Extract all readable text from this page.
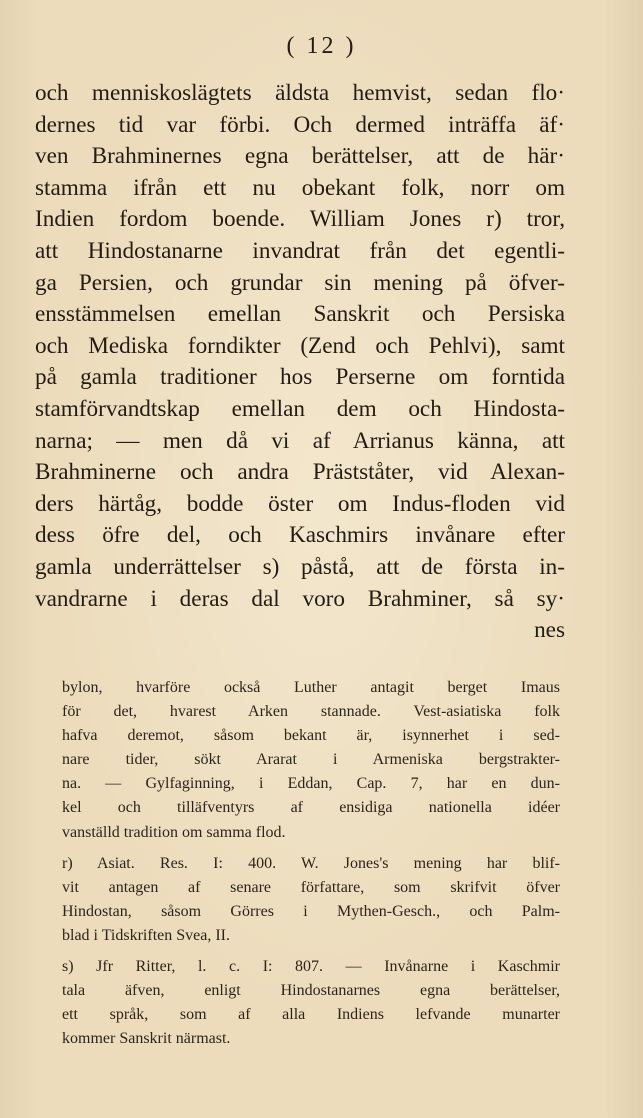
( 12 )
och menniskoslägtets äldsta hemvist, sedan flo·
dernes tid var förbi. Och dermed inträffa äf·
ven Brahminernes egna berättelser, att de här·
stamma ifrån ett nu obekant folk, norr om
Indien fordom boende. William Jones r) tror,
att Hindostanarne invandrat från det egentli-
ga Persien, och grundar sin mening på öfver-
ensstämmelsen emellan Sanskrit och Persiska
och Mediska forndikter (Zend och Pehlvi), samt
på gamla traditioner hos Perserne om forntida
stamförvandtskap emellan dem och Hindosta-
narna; — men då vi af Arrianus känna, att
Brahminerne och andra Prästståter, vid Alexan-
ders härtåg, bodde öster om Indus-floden vid
dess öfre del, och Kaschmirs invånare efter
gamla underrättelser s) påstå, att de första in-
vandrarne i deras dal voro Brahminer, så sy·
nes
bylon, hvarföre också Luther antagit berget Imaus
för det, hvarest Arken stannade. Vest-asiatiska folk
hafva deremot, såsom bekant är, isynnerhet i sed-
nare tider, sökt Ararat i Armeniska bergstrakter-
na. — Gylfaginning, i Eddan, Cap. 7, har en dun-
kel och tilläfventyrs af ensidiga nationella idéer
vanställd tradition om samma flod.
r) Asiat. Res. I: 400. W. Jones's mening har blif-
vit antagen af senare författare, som skrifvit öfver
Hindostan, såsom Görres i Mythen-Gesch., och Palm-
blad i Tidskriften Svea, II.
s) Jfr Ritter, l. c. I: 807. — Invånarne i Kaschmir
tala äfven, enligt Hindostanarnes egna berättelser,
ett språk, som af alla Indiens lefvande munarter
kommer Sanskrit närmast.
